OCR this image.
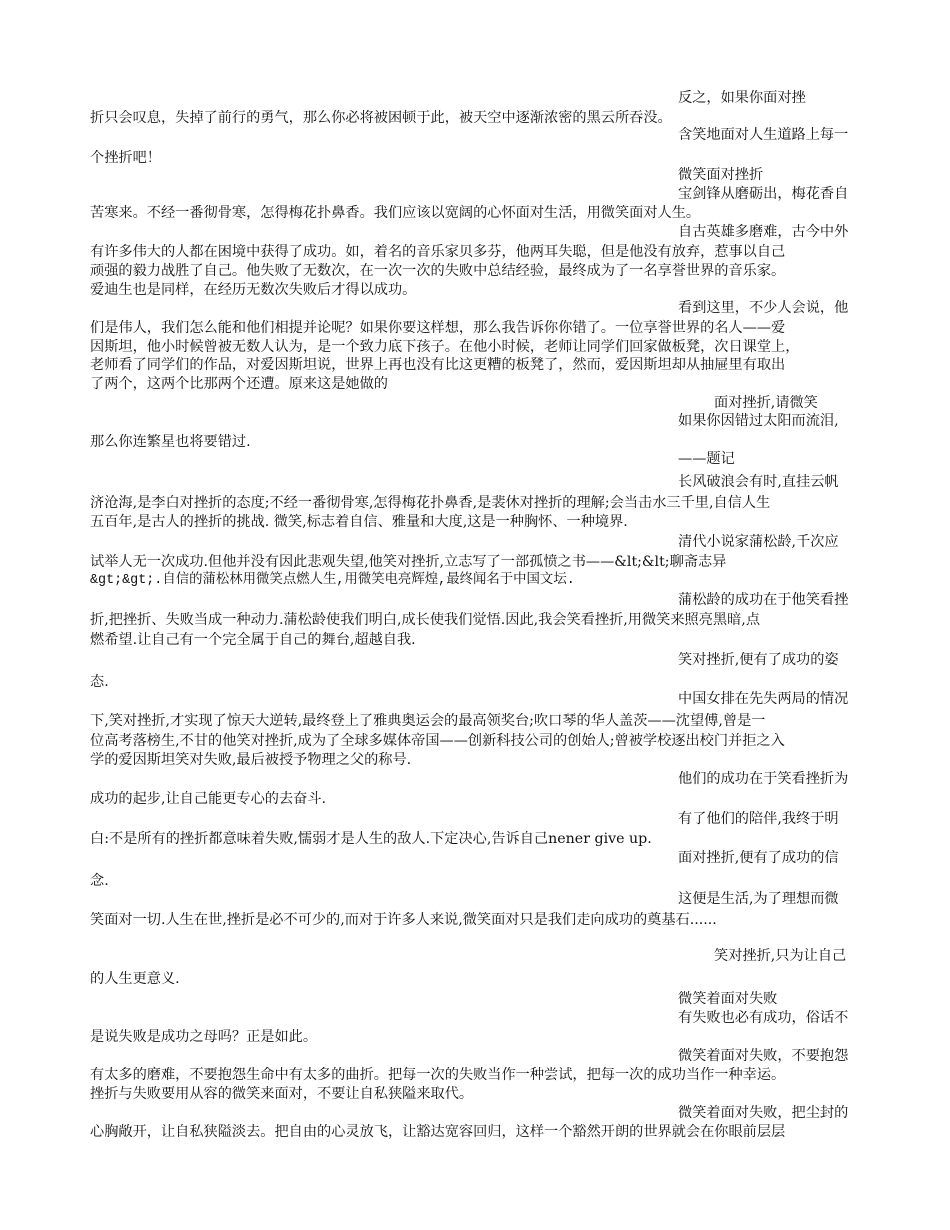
反之，如果你面对挫
折只会叹息，失掉了前行的勇气，那么你必将被困顿于此，被天空中逐渐浓密的黑云所吞没。
含笑地面对人生道路上每一
个挫折吧！
微笑面对挫折
宝剑锋从磨砺出，梅花香自
苦寒来。不经一番彻骨寒，怎得梅花扑鼻香。我们应该以宽阔的心怀面对生活，用微笑面对人生。
自古英雄多磨难，古今中外
有许多伟大的人都在困境中获得了成功。如，着名的音乐家贝多芬，他两耳失聪，但是他没有放弃，惹事以自己
顽强的毅力战胜了自己。他失败了无数次，在一次一次的失败中总结经验，最终成为了一名享誉世界的音乐家。
爱迪生也是同样，在经历无数次失败后才得以成功。
看到这里，不少人会说，他
们是伟人，我们怎么能和他们相提并论呢？如果你要这样想，那么我告诉你你错了。一位享誉世界的名人——爱
因斯坦，他小时候曾被无数人认为，是一个致力底下孩子。在他小时候，老师让同学们回家做板凳，次日课堂上，
老师看了同学们的作品，对爱因斯坦说，世界上再也没有比这更糟的板凳了，然而，爱因斯坦却从抽屉里有取出
了两个，这两个比那两个还遭。原来这是她做的
面对挫折,请微笑
如果你因错过太阳而流泪,
那么你连繁星也将要错过.
——题记
长风破浪会有时,直挂云帆
济沧海,是李白对挫折的态度;不经一番彻骨寒,怎得梅花扑鼻香,是裴休对挫折的理解;会当击水三千里,自信人生
五百年,是古人的挫折的挑战. 微笑,标志着自信、雅量和大度,这是一种胸怀、一种境界.
清代小说家蒲松龄,千次应
试举人无一次成功.但他并没有因此悲观失望,他笑对挫折,立志写了一部孤愤之书——&lt;&lt;聊斋志异
&gt;&gt;.自信的蒲松林用微笑点燃人生,用微笑电亮辉煌,最终闻名于中国文坛.
蒲松龄的成功在于他笑看挫
折,把挫折、失败当成一种动力.蒲松龄使我们明白,成长使我们觉悟.因此,我会笑看挫折,用微笑来照亮黑暗,点
燃希望.让自己有一个完全属于自己的舞台,超越自我.
笑对挫折,便有了成功的姿
态.
中国女排在先失两局的情况
下,笑对挫折,才实现了惊天大逆转,最终登上了雅典奥运会的最高领奖台;吹口琴的华人盖茨——沈望傅,曾是一
位高考落榜生,不甘的他笑对挫折,成为了全球多媒体帝国——创新科技公司的创始人;曾被学校逐出校门并拒之入
学的爱因斯坦笑对失败,最后被授予物理之父的称号.
他们的成功在于笑看挫折为
成功的起步,让自己能更专心的去奋斗.
有了他们的陪伴,我终于明
白:不是所有的挫折都意味着失败,懦弱才是人生的敌人.下定决心,告诉自己nener give up.
面对挫折,便有了成功的信
念.
这便是生活,为了理想而微
笑面对一切.人生在世,挫折是必不可少的,而对于许多人来说,微笑面对只是我们走向成功的奠基石......
笑对挫折,只为让自己
的人生更意义.
微笑着面对失败
有失败也必有成功，俗话不
是说失败是成功之母吗？正是如此。
微笑着面对失败，不要抱怨
有太多的磨难，不要抱怨生命中有太多的曲折。把每一次的失败当作一种尝试，把每一次的成功当作一种幸运。
挫折与失败要用从容的微笑来面对，不要让自私狭隘来取代。
微笑着面对失败，把尘封的
心胸敞开，让自私狭隘淡去。把自由的心灵放飞，让豁达宽容回归，这样一个豁然开朗的世界就会在你眼前层层
